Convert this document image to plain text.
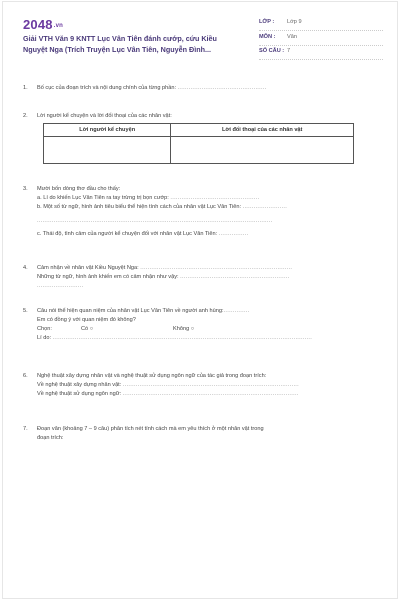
2048.vn
Giải VTH Văn 9 KNTT Lục Vân Tiên đánh cướp, cứu Kiều Nguyệt Nga (Trích Truyện Lục Vân Tiên, Nguyễn Đình...
LỚP : Lớp 9
MÔN : Văn
SỐ CÂU : 7
1. Bố cục của đoạn trích và nội dung chính của từng phần: ................................................
2. Lời người kể chuyện và lời đối thoại của các nhân vật:
Lời người kể chuyện	Lời đối thoại của các nhân vật

3. Mười bốn dòng thơ đầu cho thấy:
a. Lí do khiến Lục Vân Tiên ra tay trừng trị bọn cướp: ................................................
b. Một số từ ngữ, hình ảnh tiêu biểu thể hiện tính cách của nhân vật Lục Vân Tiên: ........................
...............................................................................................................................
c. Thái độ, tình cảm của người kể chuyện đối với nhân vật Lục Vân Tiên: ................
4. Cảm nhận về nhân vật Kiều Nguyệt Nga: ..................................................................................
Những từ ngữ, hình ảnh khiến em có cảm nhận như vậy: ...........................................................
.........................
5. Câu nói thể hiện quan niệm của nhân vật Lục Vân Tiên về người anh hùng:..............
Em có đồng ý với quan niệm đó không?
Chọn:	Có ○	Không ○
Lí do: ............................................................................................................................................
6. Nghệ thuật xây dựng nhân vật và nghệ thuật sử dụng ngôn ngữ của tác giả trong đoạn trích:
Về nghệ thuật xây dựng nhân vật: ...............................................................................................
Về nghệ thuật sử dụng ngôn ngữ: ...............................................................................................
7. Đoạn văn (khoảng 7 – 9 câu) phân tích nét tính cách mà em yêu thích ở một nhân vật trong
đoạn trích:
